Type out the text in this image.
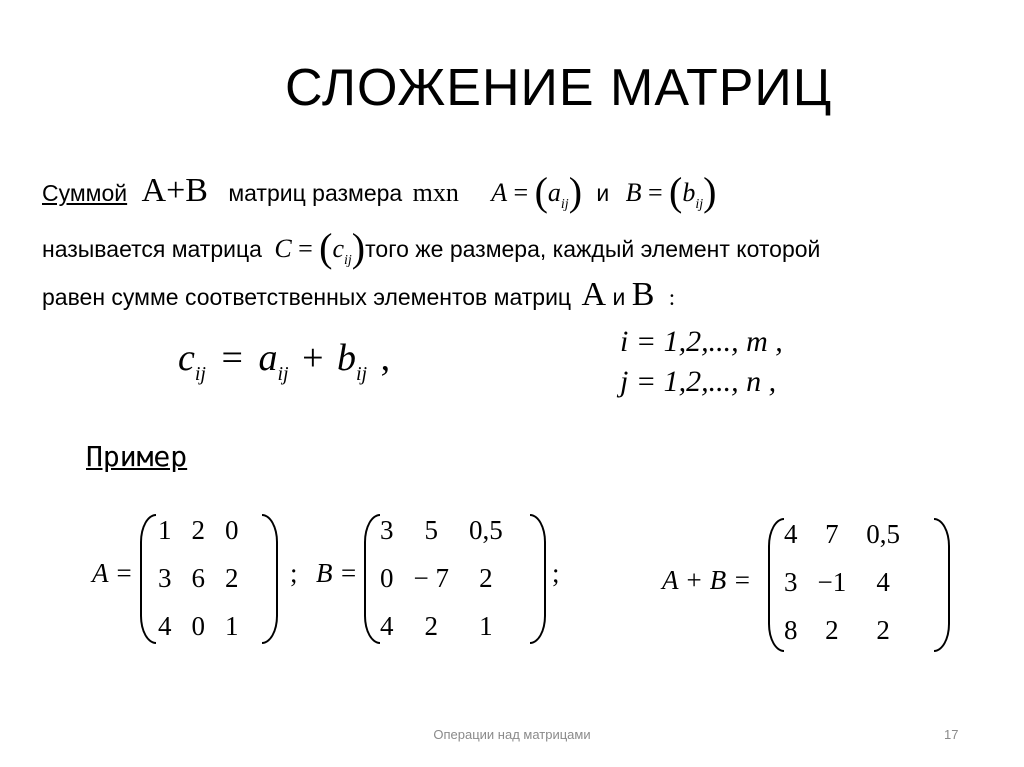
СЛОЖЕНИЕ МАТРИЦ
Суммой A+B матриц размера mxn $A = (a_{ij})$ и $B = (b_{ij})$
называется матрица $C = (c_{ij})того$ же размера, каждый элемент которой
равен сумме соответственных элементов матриц A и B :
$c_{ij} = a_{ij} + b_{ij}$ ,	i = 1,2,..., m ,
j = 1,2,..., n ,
Пример
A =
1	2	0
3	6	2
4	0	1
; B =
3	5	0,5
0	− 7	2
4	2	1
;	A + B =
4	7	0,5
3	−1	4
8	2	2
Операции над матрицами	17
